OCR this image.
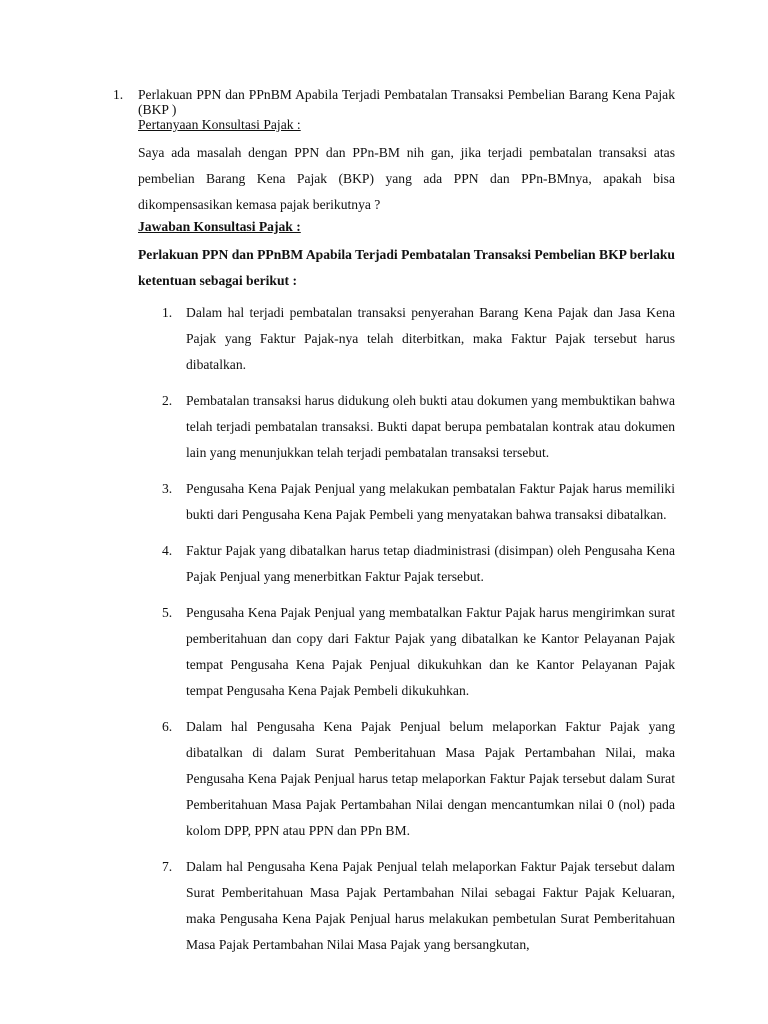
1. Perlakuan PPN dan PPnBM Apabila Terjadi Pembatalan Transaksi Pembelian Barang Kena Pajak (BKP )
Pertanyaan Konsultasi Pajak :
Saya ada masalah dengan PPN dan PPn-BM nih gan, jika terjadi pembatalan transaksi atas pembelian Barang Kena Pajak (BKP) yang ada PPN dan PPn-BMnya, apakah bisa dikompensasikan kemasa pajak berikutnya ?
Jawaban Konsultasi Pajak :
Perlakuan PPN dan PPnBM Apabila Terjadi Pembatalan Transaksi Pembelian BKP berlaku ketentuan sebagai berikut :
1. Dalam hal terjadi pembatalan transaksi penyerahan Barang Kena Pajak dan Jasa Kena Pajak yang Faktur Pajak-nya telah diterbitkan, maka Faktur Pajak tersebut harus dibatalkan.
2. Pembatalan transaksi harus didukung oleh bukti atau dokumen yang membuktikan bahwa telah terjadi pembatalan transaksi. Bukti dapat berupa pembatalan kontrak atau dokumen lain yang menunjukkan telah terjadi pembatalan transaksi tersebut.
3. Pengusaha Kena Pajak Penjual yang melakukan pembatalan Faktur Pajak harus memiliki bukti dari Pengusaha Kena Pajak Pembeli yang menyatakan bahwa transaksi dibatalkan.
4. Faktur Pajak yang dibatalkan harus tetap diadministrasi (disimpan) oleh Pengusaha Kena Pajak Penjual yang menerbitkan Faktur Pajak tersebut.
5. Pengusaha Kena Pajak Penjual yang membatalkan Faktur Pajak harus mengirimkan surat pemberitahuan dan copy dari Faktur Pajak yang dibatalkan ke Kantor Pelayanan Pajak tempat Pengusaha Kena Pajak Penjual dikukuhkan dan ke Kantor Pelayanan Pajak tempat Pengusaha Kena Pajak Pembeli dikukuhkan.
6. Dalam hal Pengusaha Kena Pajak Penjual belum melaporkan Faktur Pajak yang dibatalkan di dalam Surat Pemberitahuan Masa Pajak Pertambahan Nilai, maka Pengusaha Kena Pajak Penjual harus tetap melaporkan Faktur Pajak tersebut dalam Surat Pemberitahuan Masa Pajak Pertambahan Nilai dengan mencantumkan nilai 0 (nol) pada kolom DPP, PPN atau PPN dan PPn BM.
7. Dalam hal Pengusaha Kena Pajak Penjual telah melaporkan Faktur Pajak tersebut dalam Surat Pemberitahuan Masa Pajak Pertambahan Nilai sebagai Faktur Pajak Keluaran, maka Pengusaha Kena Pajak Penjual harus melakukan pembetulan Surat Pemberitahuan Masa Pajak Pertambahan Nilai Masa Pajak yang bersangkutan,
